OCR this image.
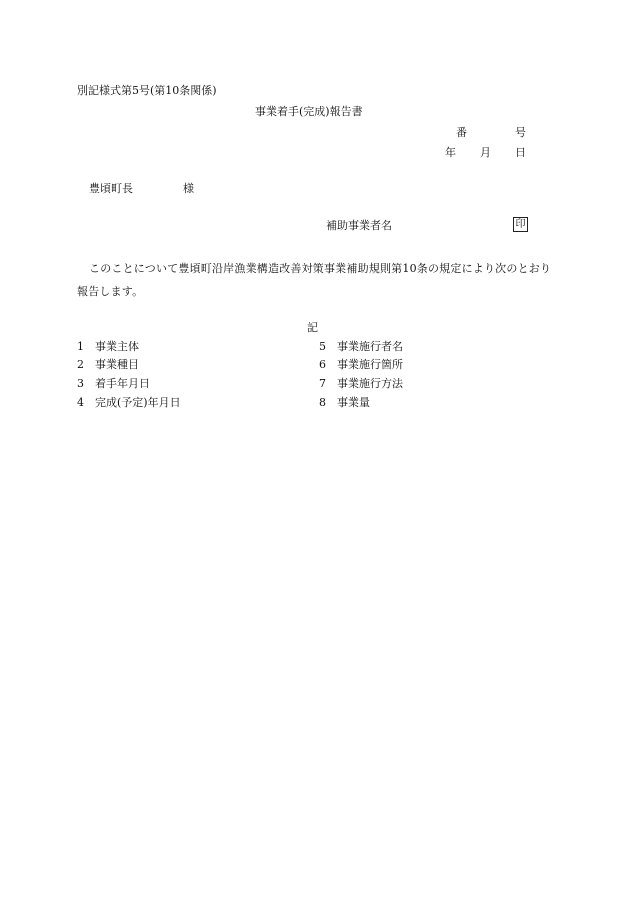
別記様式第5号(第10条関係)
事業着手(完成)報告書
番	号
年 月 日
豊頃町長	様
補助事業者名	印
このことについて豊頃町沿岸漁業構造改善対策事業補助規則第10条の規定により次のとおり報告します。
記
1 事業主体
2 事業種目
3 着手年月日
4 完成(予定)年月日
5 事業施行者名
6 事業施行箇所
7 事業施行方法
8 事業量
